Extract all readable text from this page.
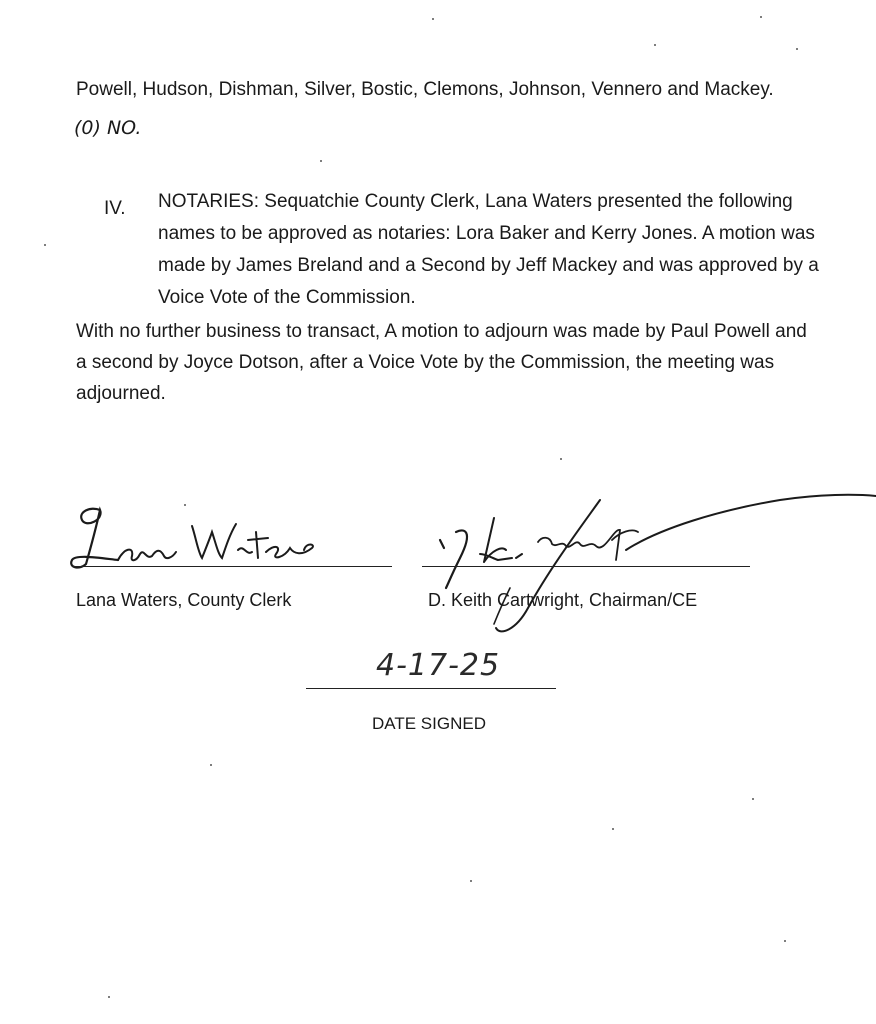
Powell, Hudson, Dishman, Silver, Bostic, Clemons, Johnson, Vennero and Mackey.
(0) NO.
IV. NOTARIES: Sequatchie County Clerk, Lana Waters presented the following names to be approved as notaries: Lora Baker and Kerry Jones. A motion was made by James Breland and a Second by Jeff Mackey and was approved by a Voice Vote of the Commission.
With no further business to transact, A motion to adjourn was made by Paul Powell and a second by Joyce Dotson, after a Voice Vote by the Commission, the meeting was adjourned.
Lana Waters, County Clerk	D. Keith Cartwright, Chairman/CE
4-17-25
DATE SIGNED
